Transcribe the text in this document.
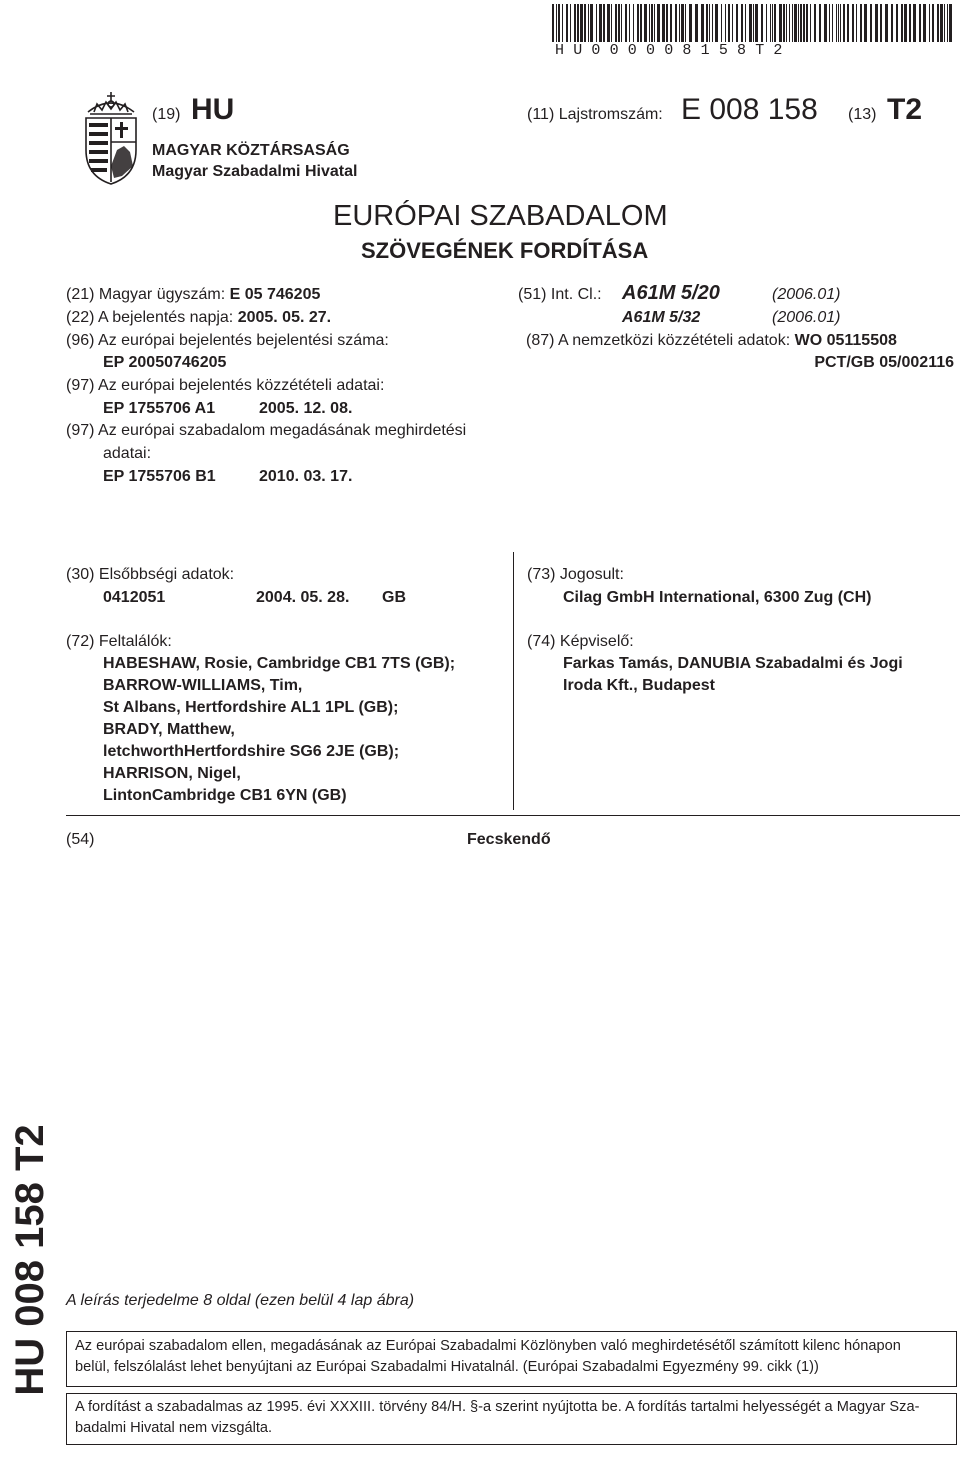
HU000008158T2
(19) HU	(11) Lajstromszám: E 008 158 (13) T2
MAGYAR KÖZTÁRSASÁG
Magyar Szabadalmi Hivatal
EURÓPAI SZABADALOM
SZÖVEGÉNEK FORDÍTÁSA
(21) Magyar ügyszám: E 05 746205
(22) A bejelentés napja: 2005. 05. 27.
(96) Az európai bejelentés bejelentési száma:
EP 20050746205
(97) Az európai bejelentés közzétételi adatai:
EP 1755706 A1	2005. 12. 08.
(97) Az európai szabadalom megadásának meghirdetési
adatai:
EP 1755706 B1	2010. 03. 17.
(51) Int. Cl.: A61M 5/20	(2006.01)
A61M 5/32	(2006.01)
(87) A nemzetközi közzétételi adatok: WO 05115508
PCT/GB 05/002116
(30) Elsőbbségi adatok:
0412051	2004. 05. 28. GB
(72) Feltalálók:
HABESHAW, Rosie, Cambridge CB1 7TS (GB);
BARROW-WILLIAMS, Tim,
St Albans, Hertfordshire AL1 1PL (GB);
BRADY, Matthew,
letchworthHertfordshire SG6 2JE (GB);
HARRISON, Nigel,
LintonCambridge CB1 6YN (GB)
(73) Jogosult:
Cilag GmbH International, 6300 Zug (CH)
(74) Képviselő:
Farkas Tamás, DANUBIA Szabadalmi és Jogi
Iroda Kft., Budapest
(54)	Fecskendő
HU 008 158 T2 A leírás terjedelme 8 oldal (ezen belül 4 lap ábra)
Az európai szabadalom ellen, megadásának az Európai Szabadalmi Közlönyben való meghirdetésétől számított kilenc hónapon
belül, felszólalást lehet benyújtani az Európai Szabadalmi Hivatalnál. (Európai Szabadalmi Egyezmény 99. cikk (1))
A fordítást a szabadalmas az 1995. évi XXXIII. törvény 84/H. §-a szerint nyújtotta be. A fordítás tartalmi helyességét a Magyar Sza-
badalmi Hivatal nem vizsgálta.
